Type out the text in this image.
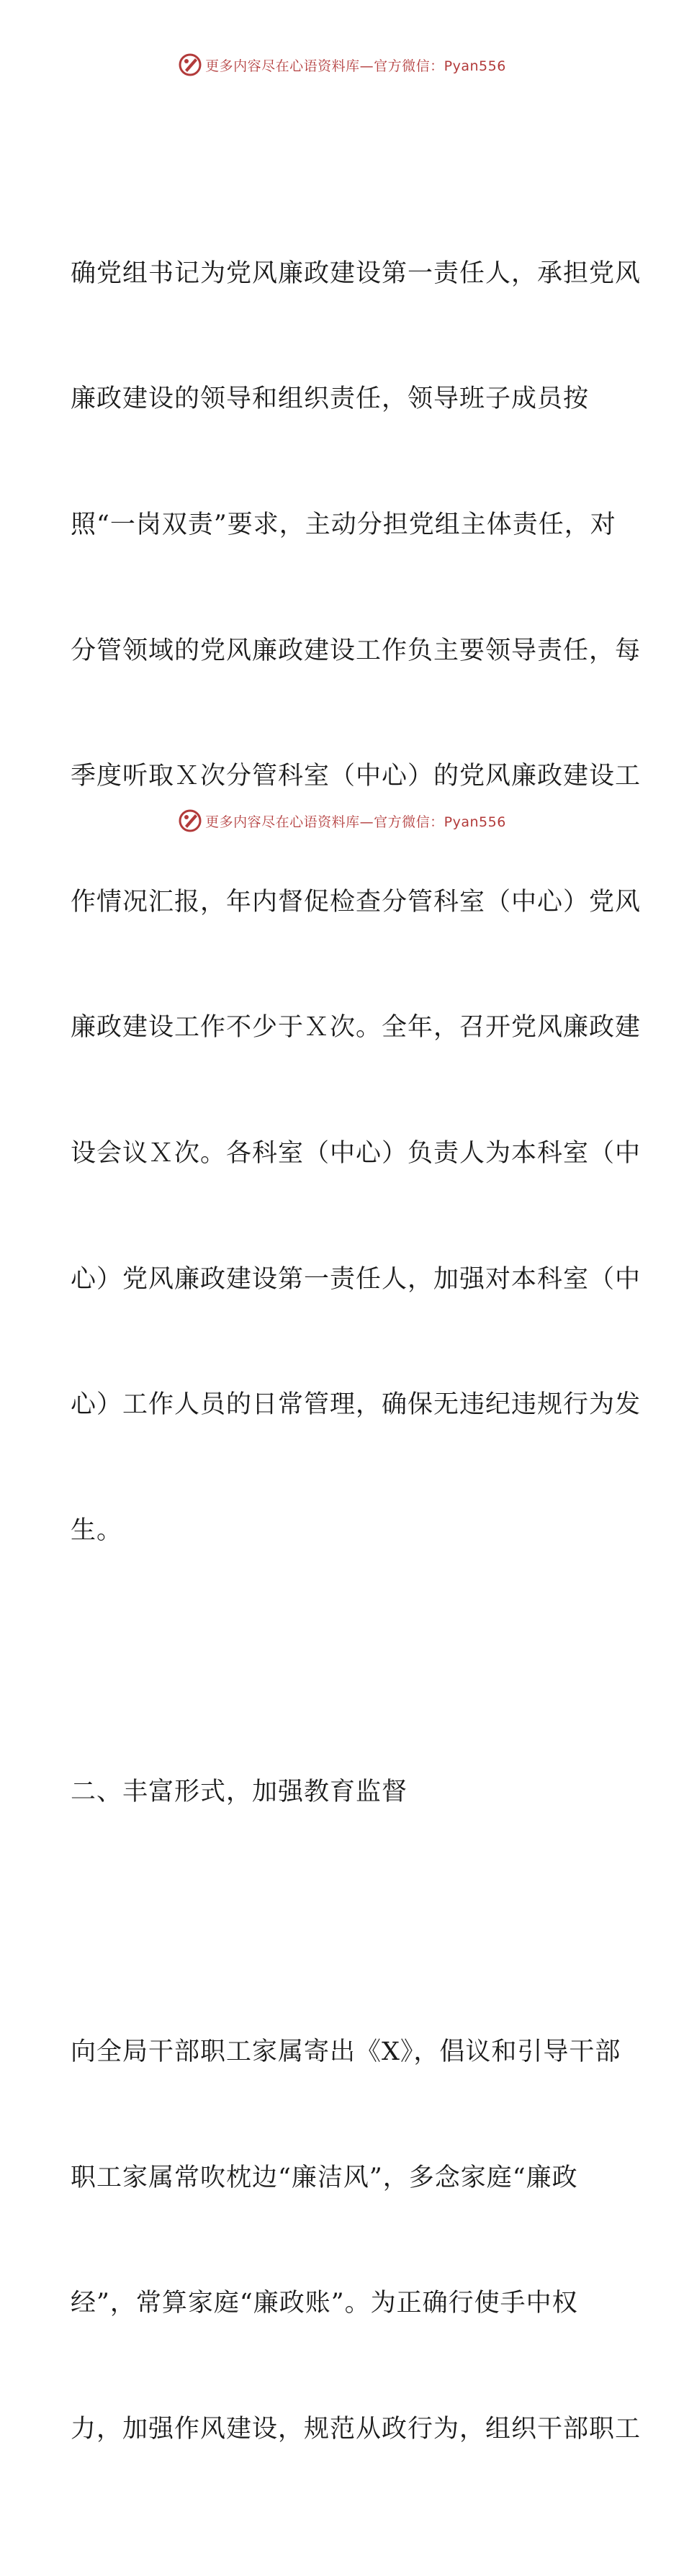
更多内容尽在心语资料库—官方微信：Pyan556

确党组书记为党风廉政建设第一责任人，承担党风

廉政建设的领导和组织责任，领导班子成员按

照“一岗双责”要求，主动分担党组主体责任，对

分管领域的党风廉政建设工作负主要领导责任，每

季度听取Ｘ次分管科室（中心）的党风廉政建设工

作情况汇报，年内督促检查分管科室（中心）党风

廉政建设工作不少于Ｘ次。全年，召开党风廉政建

设会议Ｘ次。各科室（中心）负责人为本科室（中

心）党风廉政建设第一责任人，加强对本科室（中

心）工作人员的日常管理，确保无违纪违规行为发

生。

二、丰富形式，加强教育监督

向全局干部职工家属寄出《X》，倡议和引导干部

职工家属常吹枕边“廉洁风”，多念家庭“廉政

经”，常算家庭“廉政账”。为正确行使手中权

力，加强作风建设，规范从政行为，组织干部职工

更多内容尽在心语资料库—官方微信：Pyan556
